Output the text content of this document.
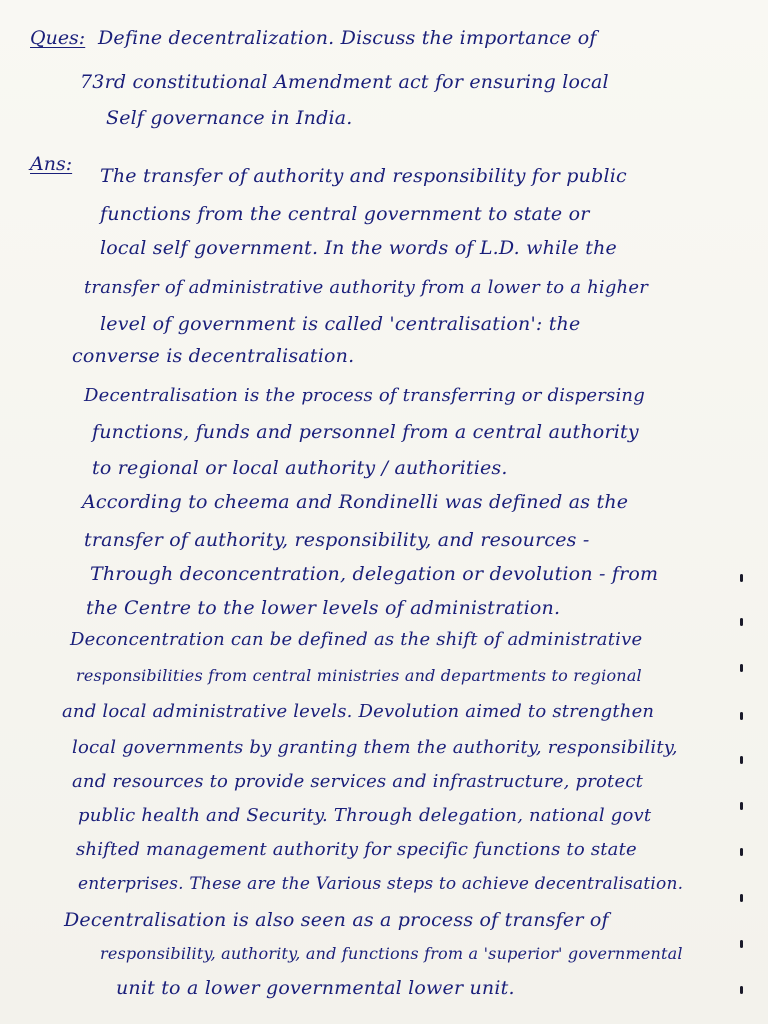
Ques: Define decentralization. Discuss the importance of
73rd constitutional Amendment act for ensuring local
Self governance in India.
Ans:
The transfer of authority and responsibility for public
functions from the central government to state or
local self government. In the words of L.D. while the
transfer of administrative authority from a lower to a higher
level of government is called 'centralisation': the
converse is decentralisation.
Decentralisation is the process of transferring or dispersing
functions, funds and personnel from a central authority
to regional or local authority / authorities.
According to cheema and Rondinelli was defined as the
transfer of authority, responsibility, and resources -
Through deconcentration, delegation or devolution - from
the Centre to the lower levels of administration.
Deconcentration can be defined as the shift of administrative
responsibilities from central ministries and departments to regional
and local administrative levels. Devolution aimed to strengthen
local governments by granting them the authority, responsibility,
and resources to provide services and infrastructure, protect
public health and Security. Through delegation, national govt
shifted management authority for specific functions to state
enterprises. These are the Various steps to achieve decentralisation.
Decentralisation is also seen as a process of transfer of
responsibility, authority, and functions from a 'superior' governmental
unit to a lower governmental lower unit.
